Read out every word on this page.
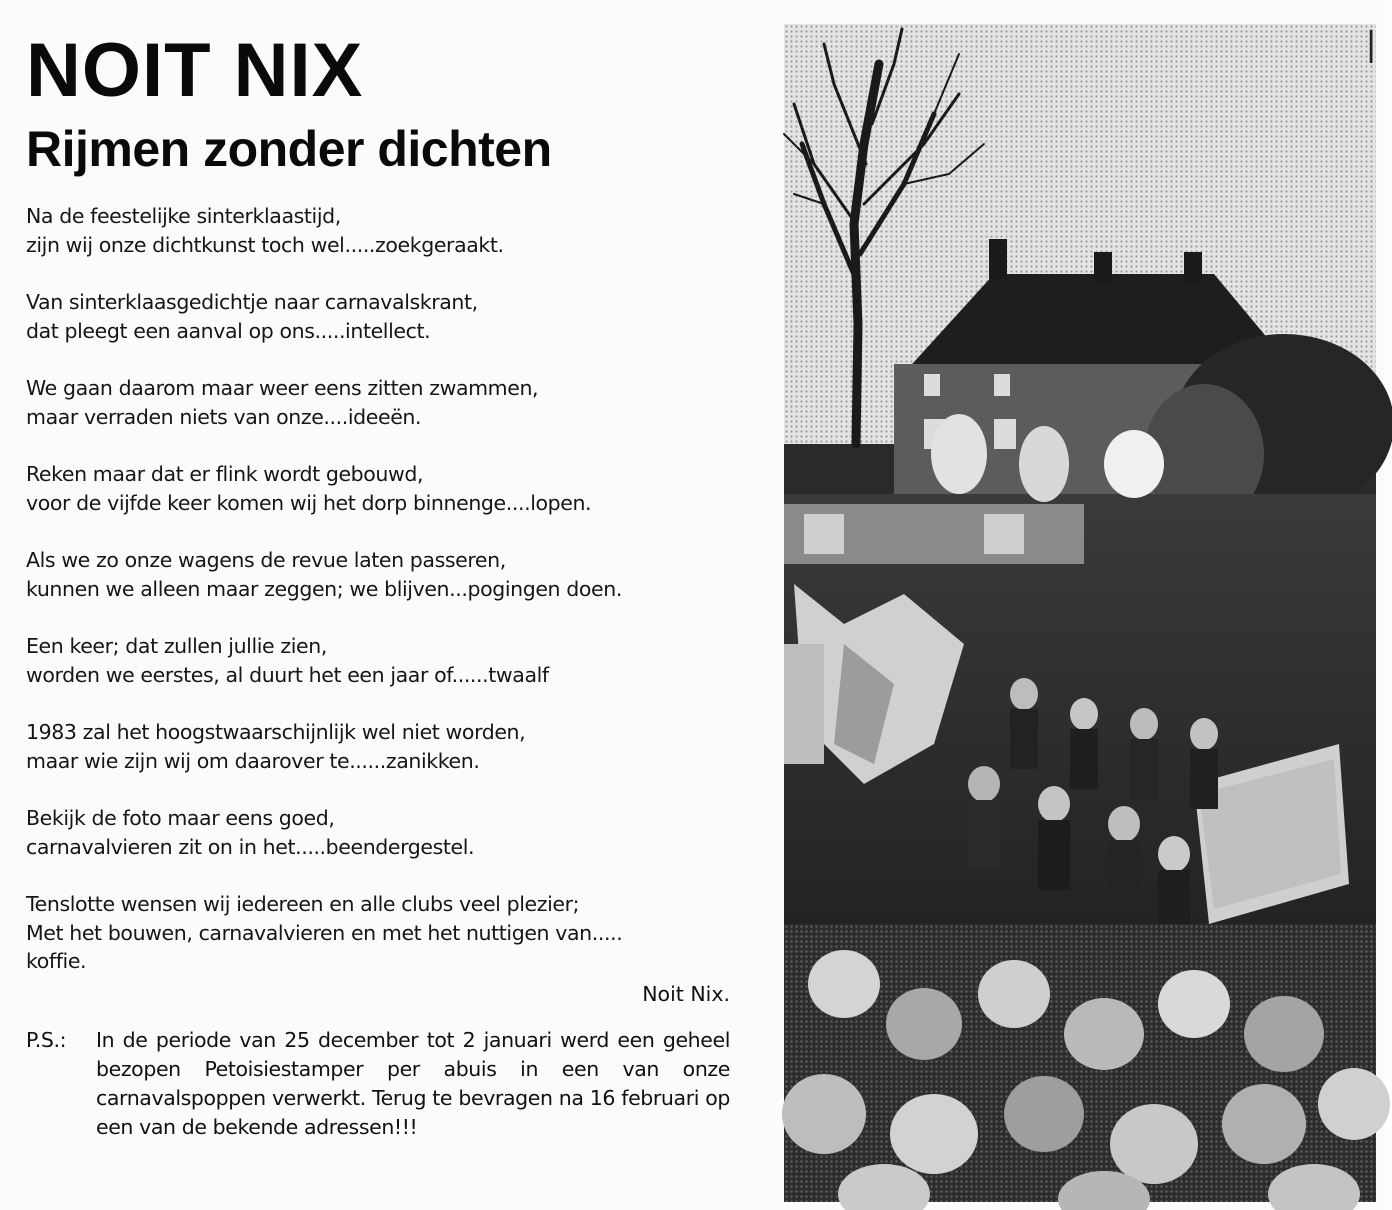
NOIT NIX
Rijmen zonder dichten
Na de feestelijke sinterklaastijd,
zijn wij onze dichtkunst toch wel.....zoekgeraakt.
Van sinterklaasgedichtje naar carnavalskrant,
dat pleegt een aanval op ons.....intellect.
We gaan daarom maar weer eens zitten zwammen,
maar verraden niets van onze....ideeën.
Reken maar dat er flink wordt gebouwd,
voor de vijfde keer komen wij het dorp binnenge....lopen.
Als we zo onze wagens de revue laten passeren,
kunnen we alleen maar zeggen; we blijven...pogingen doen.
Een keer; dat zullen jullie zien,
worden we eerstes, al duurt het een jaar of......twaalf
1983 zal het hoogstwaarschijnlijk wel niet worden,
maar wie zijn wij om daarover te......zanikken.
Bekijk de foto maar eens goed,
carnavalvieren zit on in het.....beendergestel.
Tenslotte wensen wij iedereen en alle clubs veel plezier;
Met het bouwen, carnavalvieren en met het nuttigen van.....
koffie.
Noit Nix.
P.S.:	In de periode van 25 december tot 2 januari werd een geheel bezopen Petoisiestamper per abuis in een van onze carnavalspoppen verwerkt. Terug te bevragen na 16 februari op een van de bekende adressen!!!
▏
